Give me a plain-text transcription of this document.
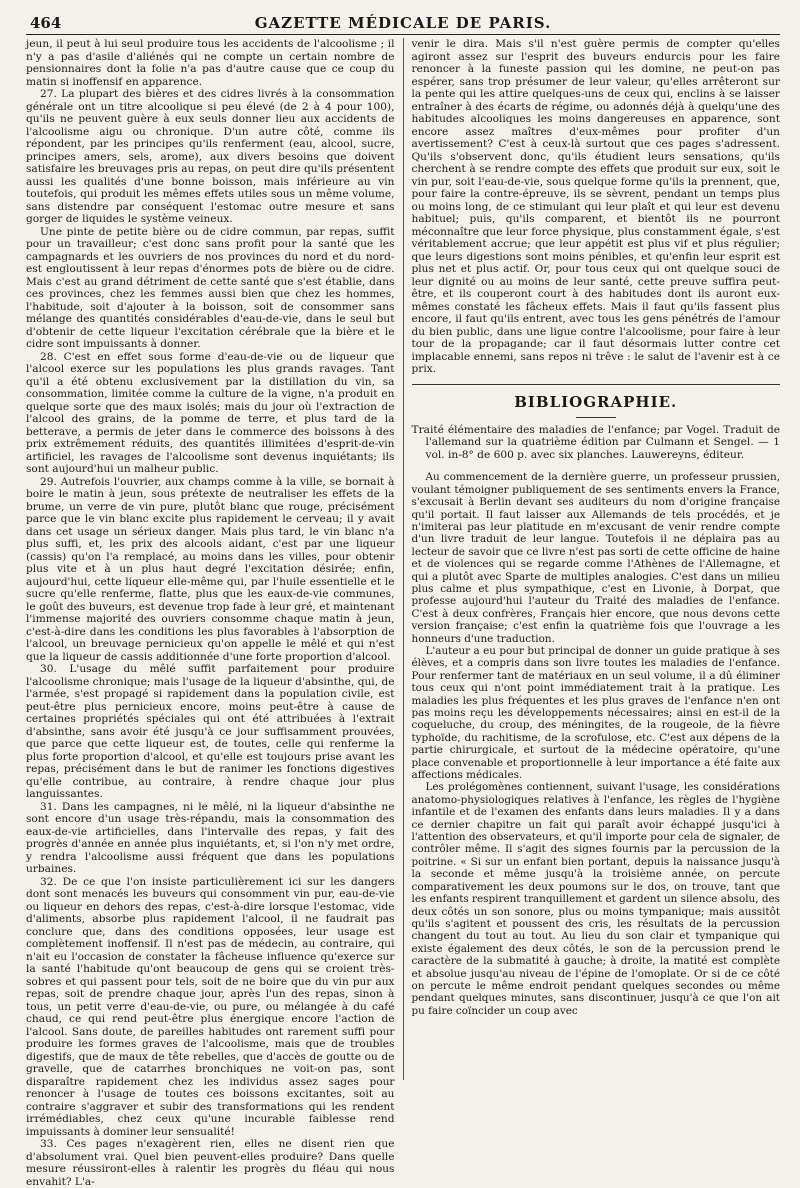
464	GAZETTE MÉDICALE DE PARIS.

jeun, il peut à lui seul produire tous les accidents de l'alcoolisme ; il n'y a pas d'asile d'aliénés qui ne compte un certain nombre de pensionnaires dont la folie n'a pas d'autre cause que ce coup du matin si inoffensif en apparence.

27. La plupart des bières et des cidres livrés à la consommation générale ont un titre alcoolique si peu élevé (de 2 à 4 pour 100), qu'ils ne peuvent guère à eux seuls donner lieu aux accidents de l'alcoolisme aigu ou chronique. D'un autre côté, comme ils répondent, par les principes qu'ils renferment (eau, alcool, sucre, principes amers, sels, arome), aux divers besoins que doivent satisfaire les breuvages pris au repas, on peut dire qu'ils présentent aussi les qualités d'une bonne boisson, mais inférieure au vin toutefois, qui produit les mêmes effets utiles sous un même volume, sans distendre par conséquent l'estomac outre mesure et sans gorger de liquides le système veineux.

Une pinte de petite bière ou de cidre commun, par repas, suffit pour un travailleur; c'est donc sans profit pour la santé que les campagnards et les ouvriers de nos provinces du nord et du nord-est engloutissent à leur repas d'énormes pots de bière ou de cidre. Mais c'est au grand détriment de cette santé que s'est établie, dans ces provinces, chez les femmes aussi bien que chez les hommes, l'habitude, soit d'ajouter à la boisson, soit de consommer sans mélange des quantités considérables d'eau-de-vie, dans le seul but d'obtenir de cette liqueur l'excitation cérébrale que la bière et le cidre sont impuissants à donner.

28. C'est en effet sous forme d'eau-de-vie ou de liqueur que l'alcool exerce sur les populations les plus grands ravages. Tant qu'il a été obtenu exclusivement par la distillation du vin, sa consommation, limitée comme la culture de la vigne, n'a produit en quelque sorte que des maux isolés; mais du jour où l'extraction de l'alcool des grains, de la pomme de terre, et plus tard de la betterave, a permis de jeter dans le commerce des boissons à des prix extrêmement réduits, des quantités illimitées d'esprit-de-vin artificiel, les ravages de l'alcoolisme sont devenus inquiétants; ils sont aujourd'hui un malheur public.

29. Autrefois l'ouvrier, aux champs comme à la ville, se bornait à boire le matin à jeun, sous prétexte de neutraliser les effets de la brume, un verre de vin pure, plutôt blanc que rouge, précisément parce que le vin blanc excite plus rapidement le cerveau; il y avait dans cet usage un sérieux danger. Mais plus tard, le vin blanc n'a plus suffi, et, les prix des alcools aidant, c'est par une liqueur (cassis) qu'on l'a remplacé, au moins dans les villes, pour obtenir plus vite et à un plus haut degré l'excitation désirée; enfin, aujourd'hui, cette liqueur elle-même qui, par l'huile essentielle et le sucre qu'elle renferme, flatte, plus que les eaux-de-vie communes, le goût des buveurs, est devenue trop fade à leur gré, et maintenant l'immense majorité des ouvriers consomme chaque matin à jeun, c'est-à-dire dans les conditions les plus favorables à l'absorption de l'alcool, un breuvage pernicieux qu'on appelle le mêlé et qui n'est que la liqueur de cassis additionnée d'une forte proportion d'alcool.

30. L'usage du mêlé suffit parfaitement pour produire l'alcoolisme chronique; mais l'usage de la liqueur d'absinthe, qui, de l'armée, s'est propagé si rapidement dans la population civile, est peut-être plus pernicieux encore, moins peut-être à cause de certaines propriétés spéciales qui ont été attribuées à l'extrait d'absinthe, sans avoir été jusqu'à ce jour suffisamment prouvées, que parce que cette liqueur est, de toutes, celle qui renferme la plus forte proportion d'alcool, et qu'elle est toujours prise avant les repas, précisément dans le but de ranimer les fonctions digestives qu'elle contribue, au contraire, à rendre chaque jour plus languissantes.

31. Dans les campagnes, ni le mêlé, ni la liqueur d'absinthe ne sont encore d'un usage très-répandu, mais la consommation des eaux-de-vie artificielles, dans l'intervalle des repas, y fait des progrès d'année en année plus inquiétants, et, si l'on n'y met ordre, y rendra l'alcoolisme aussi fréquent que dans les populations urbaines.

32. De ce que l'on insiste particulièrement ici sur les dangers dont sont menacés les buveurs qui consomment vin pur, eau-de-vie ou liqueur en dehors des repas, c'est-à-dire lorsque l'estomac, vide d'aliments, absorbe plus rapidement l'alcool, il ne faudrait pas conclure que, dans des conditions opposées, leur usage est complètement inoffensif. Il n'est pas de médecin, au contraire, qui n'ait eu l'occasion de constater la fâcheuse influence qu'exerce sur la santé l'habitude qu'ont beaucoup de gens qui se croient très-sobres et qui passent pour tels, soit de ne boire que du vin pur aux repas, soit de prendre chaque jour, après l'un des repas, sinon à tous, un petit verre d'eau-de-vie, ou pure, ou mélangée à du café chaud, ce qui rend peut-être plus énergique encore l'action de l'alcool. Sans doute, de pareilles habitudes ont rarement suffi pour produire les formes graves de l'alcoolisme, mais que de troubles digestifs, que de maux de tête rebelles, que d'accès de goutte ou de gravelle, que de catarrhes bronchiques ne voit-on pas, sont disparaître rapidement chez les individus assez sages pour renoncer à l'usage de toutes ces boissons excitantes, soit au contraire s'aggraver et subir des transformations qui les rendent irrémédiables, chez ceux qu'une incurable faiblesse rend impuissants à dominer leur sensualité!

33. Ces pages n'exagèrent rien, elles ne disent rien que d'absolument vrai. Quel bien peuvent-elles produire? Dans quelle mesure réussiront-elles à ralentir les progrès du fléau qui nous envahit? L'a-

venir le dira. Mais s'il n'est guère permis de compter qu'elles agiront assez sur l'esprit des buveurs endurcis pour les faire renoncer à la funeste passion qui les domine, ne peut-on pas espérer, sans trop présumer de leur valeur, qu'elles arrêteront sur la pente qui les attire quelques-uns de ceux qui, enclins à se laisser entraîner à des écarts de régime, ou adonnés déjà à quelqu'une des habitudes alcooliques les moins dangereuses en apparence, sont encore assez maîtres d'eux-mêmes pour profiter d'un avertissement? C'est à ceux-là surtout que ces pages s'adressent. Qu'ils s'observent donc, qu'ils étudient leurs sensations, qu'ils cherchent à se rendre compte des effets que produit sur eux, soit le vin pur, soit l'eau-de-vie, sous quelque forme qu'ils la prennent, que, pour faire la contre-épreuve, ils se sèvrent, pendant un temps plus ou moins long, de ce stimulant qui leur plaît et qui leur est devenu habituel; puis, qu'ils comparent, et bientôt ils ne pourront méconnaître que leur force physique, plus constamment égale, s'est véritablement accrue; que leur appétit est plus vif et plus régulier; que leurs digestions sont moins pénibles, et qu'enfin leur esprit est plus net et plus actif. Or, pour tous ceux qui ont quelque souci de leur dignité ou au moins de leur santé, cette preuve suffira peut-être, et ils couperont court à des habitudes dont ils auront eux-mêmes constaté les fâcheux effets. Mais il faut qu'ils fassent plus encore, il faut qu'ils entrent, avec tous les gens pénétrés de l'amour du bien public, dans une ligue contre l'alcoolisme, pour faire à leur tour de la propagande; car il faut désormais lutter contre cet implacable ennemi, sans repos ni trêve : le salut de l'avenir est à ce prix.

BIBLIOGRAPHIE.
Traité élémentaire des maladies de l'enfance; par Vogel. Traduit de l'allemand sur la quatrième édition par Culmann et Sengel. — 1 vol. in-8° de 600 p. avec six planches. Lauwereyns, éditeur.

Au commencement de la dernière guerre, un professeur prussien, voulant témoigner publiquement de ses sentiments envers la France, s'excusait à Berlin devant ses auditeurs du nom d'origine française qu'il portait. Il faut laisser aux Allemands de tels procédés, et je n'imiterai pas leur platitude en m'excusant de venir rendre compte d'un livre traduit de leur langue. Toutefois il ne déplaira pas au lecteur de savoir que ce livre n'est pas sorti de cette officine de haine et de violences qui se regarde comme l'Athènes de l'Allemagne, et qui a plutôt avec Sparte de multiples analogies. C'est dans un milieu plus calme et plus sympathique, c'est en Livonie, à Dorpat, que professe aujourd'hui l'auteur du Traité des maladies de l'enfance. C'est à deux confrères, Français hier encore, que nous devons cette version française; c'est enfin la quatrième fois que l'ouvrage a les honneurs d'une traduction.

L'auteur a eu pour but principal de donner un guide pratique à ses élèves, et a compris dans son livre toutes les maladies de l'enfance. Pour renfermer tant de matériaux en un seul volume, il a dû éliminer tous ceux qui n'ont point immédiatement trait à la pratique. Les maladies les plus fréquentes et les plus graves de l'enfance n'en ont pas moins reçu les développements nécessaires; ainsi en est-il de la coqueluche, du croup, des méningites, de la rougeole, de la fièvre typhoïde, du rachitisme, de la scrofulose, etc. C'est aux dépens de la partie chirurgicale, et surtout de la médecine opératoire, qu'une place convenable et proportionnelle à leur importance a été faite aux affections médicales.

Les prolégomènes contiennent, suivant l'usage, les considérations anatomo-physiologiques relatives à l'enfance, les règles de l'hygiène infantile et de l'examen des enfants dans leurs maladies. Il y a dans ce dernier chapitre un fait qui paraît avoir échappé jusqu'ici à l'attention des observateurs, et qu'il importe pour cela de signaler, de contrôler même. Il s'agit des signes fournis par la percussion de la poitrine. « Si sur un enfant bien portant, depuis la naissance jusqu'à la seconde et même jusqu'à la troisième année, on percute comparativement les deux poumons sur le dos, on trouve, tant que les enfants respirent tranquillement et gardent un silence absolu, des deux côtés un son sonore, plus ou moins tympanique; mais aussitôt qu'ils s'agitent et poussent des cris, les résultats de la percussion changent du tout au tout. Au lieu du son clair et tympanique qui existe également des deux côtés, le son de la percussion prend le caractère de la submatité à gauche; à droite, la matité est complète et absolue jusqu'au niveau de l'épine de l'omoplate. Or si de ce côté on percute le même endroit pendant quelques secondes ou même pendant quelques minutes, sans discontinuer, jusqu'à ce que l'on ait pu faire coïncider un coup avec
